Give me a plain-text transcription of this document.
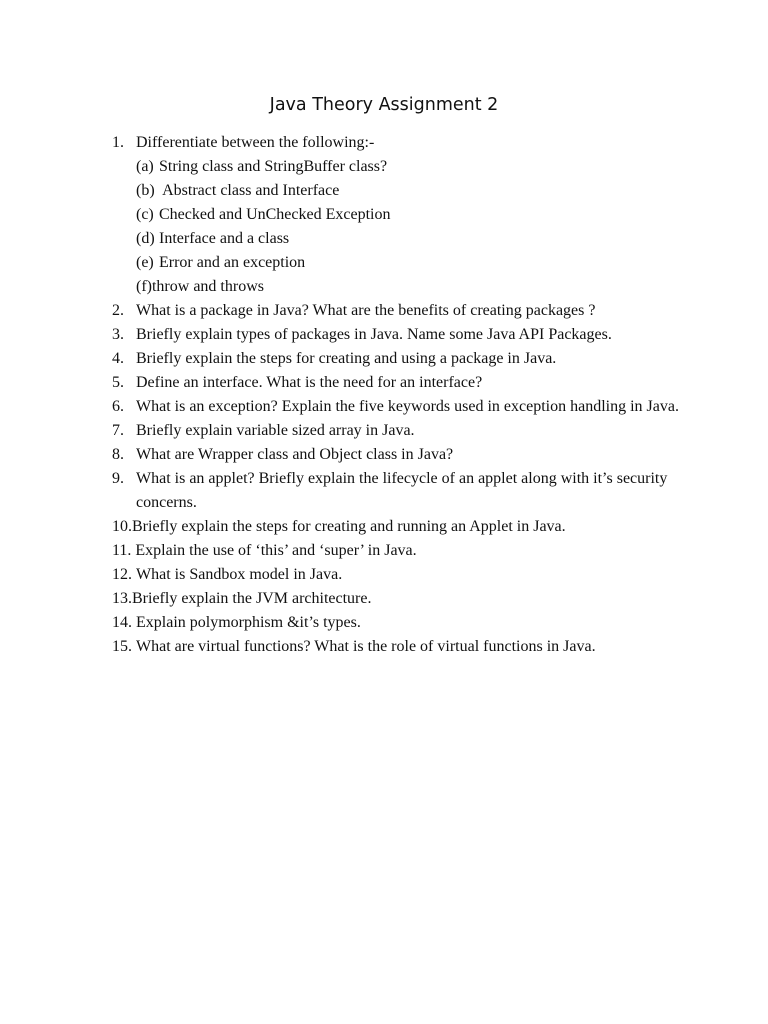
Java Theory Assignment 2
1. Differentiate between the following:-
(a) String class and StringBuffer class?
(b) Abstract class and Interface
(c) Checked and UnChecked Exception
(d) Interface and a class
(e) Error and an exception
(f) throw and throws
2. What is a package in Java? What are the benefits of creating packages ?
3. Briefly explain types of packages in Java. Name some Java API Packages.
4. Briefly explain the steps for creating and using a package in Java.
5. Define an interface. What is the need for an interface?
6. What is an exception? Explain the five keywords used in exception handling in Java.
7. Briefly explain variable sized array in Java.
8. What are Wrapper class and Object class in Java?
9. What is an applet? Briefly explain the lifecycle of an applet along with it’s security concerns.
10. Briefly explain the steps for creating and running an Applet in Java.
11. Explain the use of ‘this’ and ‘super’ in Java.
12. What is Sandbox model in Java.
13. Briefly explain the JVM architecture.
14. Explain polymorphism &it’s types.
15. What are virtual functions? What is the role of virtual functions in Java.
